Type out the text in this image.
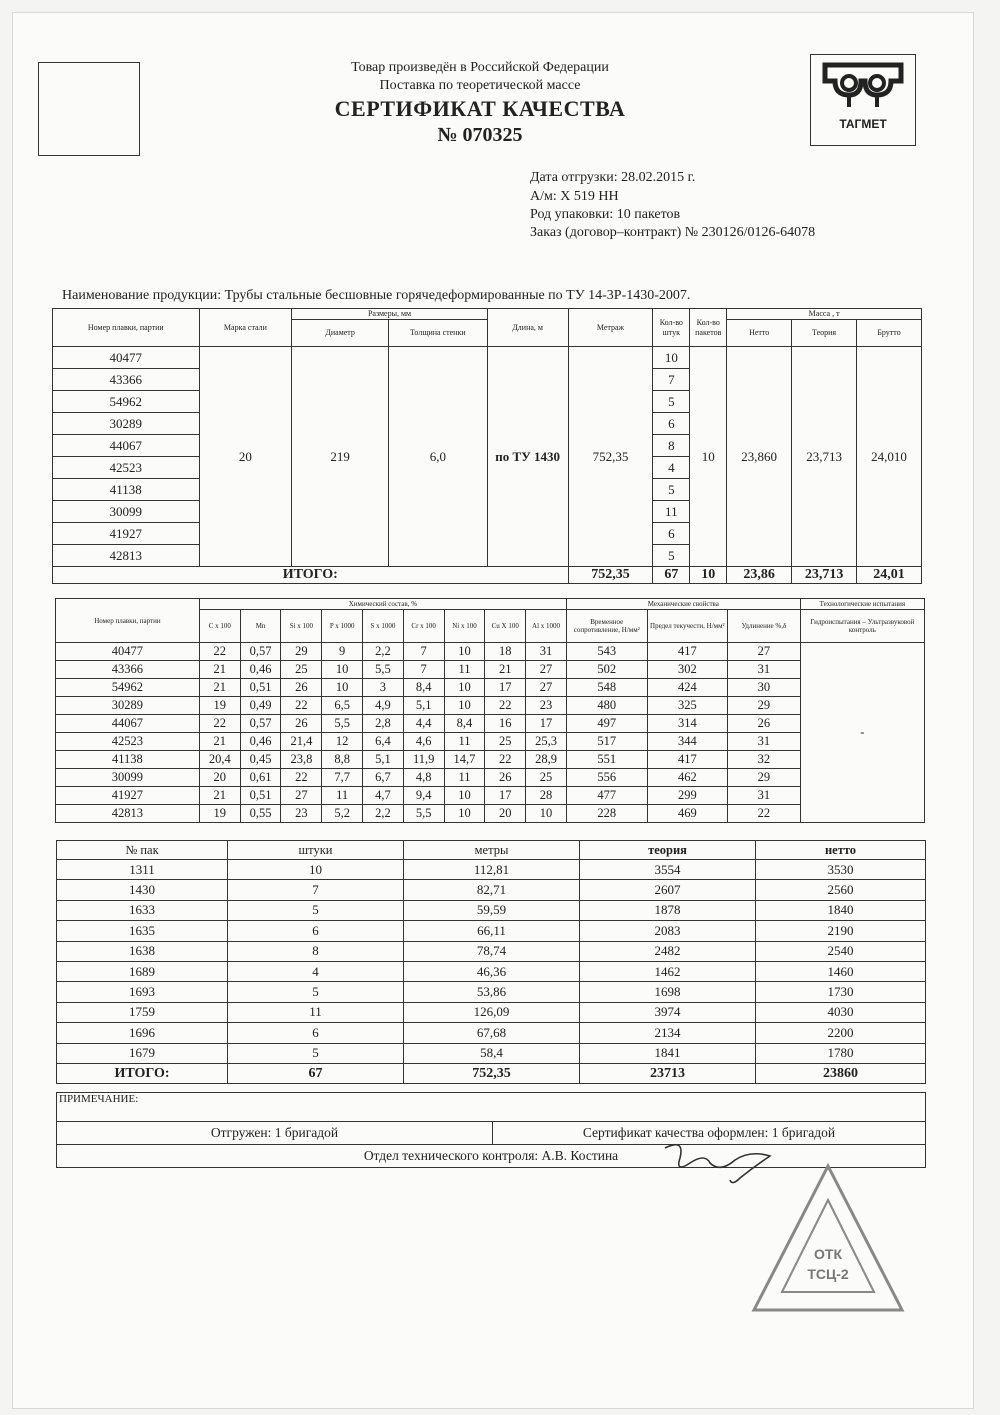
Товар произведён в Российской Федерации
Поставка по теоретической массе
СЕРТИФИКАТ КАЧЕСТВА
№ 070325	ТАГМЕТ
Дата отгрузки: 28.02.2015 г.
А/м: Х 519 НН
Род упаковки: 10 пакетов
Заказ (договор–контракт) № 230126/0126-64078
Наименование продукции: Трубы стальные бесшовные горячедеформированные по ТУ 14-3Р-1430-2007.
Номер плавки, партии	Марка стали	Размеры, мм		Длина, м	Метраж	Кол-во штук	Кол-во пакетов	Масса , т		
		Диаметр	Толщина стенки					Нетто	Теория	Брутто
40477	20	219	6,0	по ТУ 1430	752,35	10	10	23,860	23,713	24,010
43366						7				
54962						5				
30289						6				
44067						8				
42523						4				
41138						5				
30099						11				
41927						6				
42813						5				
ИТОГО:					752,35	67	10	23,86	23,713	24,01
Номер плавки, партии	Химический состав, %									Механические свойства			Технологические испытания
	C x 100	Mn	Si x 100	P x 1000	S x 1000	Cr x 100	Ni x 100	Cu X 100	Al x 1000	Временное сопротивление, Н/мм²	Предел текучести, Н/мм²	Удлинение %,δ	Гидроиспытания – Ультразвуковой контроль
40477	22	0,57	29	9	2,2	7	10	18	31	543	417	27	-
43366	21	0,46	25	10	5,5	7	11	21	27	502	302	31	
54962	21	0,51	26	10	3	8,4	10	17	27	548	424	30	
30289	19	0,49	22	6,5	4,9	5,1	10	22	23	480	325	29	
44067	22	0,57	26	5,5	2,8	4,4	8,4	16	17	497	314	26	
42523	21	0,46	21,4	12	6,4	4,6	11	25	25,3	517	344	31	
41138	20,4	0,45	23,8	8,8	5,1	11,9	14,7	22	28,9	551	417	32	
30099	20	0,61	22	7,7	6,7	4,8	11	26	25	556	462	29	
41927	21	0,51	27	11	4,7	9,4	10	17	28	477	299	31	
42813	19	0,55	23	5,2	2,2	5,5	10	20	10	228	469	22	
№ пак	штуки	метры	теория	нетто
1311	10	112,81	3554	3530
1430	7	82,71	2607	2560
1633	5	59,59	1878	1840
1635	6	66,11	2083	2190
1638	8	78,74	2482	2540
1689	4	46,36	1462	1460
1693	5	53,86	1698	1730
1759	11	126,09	3974	4030
1696	6	67,68	2134	2200
1679	5	58,4	1841	1780
ИТОГО:	67	752,35	23713	23860
ПРИМЕЧАНИЕ:
Отгружен: 1 бригадой	Сертификат качества оформлен: 1 бригадой
Отдел технического контроля: А.В. Костина
ОТК
ТСЦ-2
